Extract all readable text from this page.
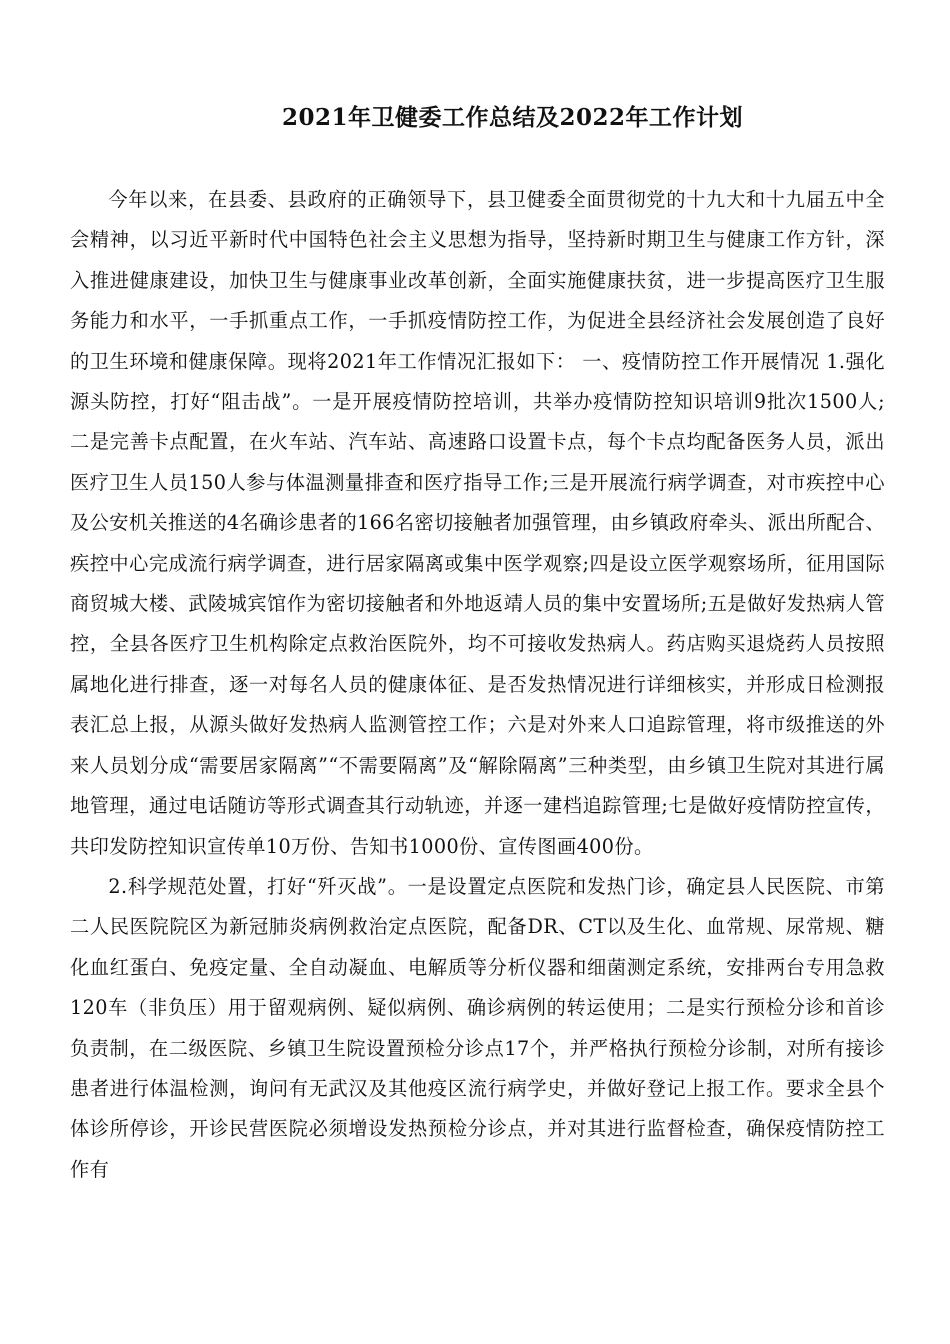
2021年卫健委工作总结及2022年工作计划

今年以来，在县委、县政府的正确领导下，县卫健委全面贯彻党的十九大和十九届五中全会精神，以习近平新时代中国特色社会主义思想为指导，坚持新时期卫生与健康工作方针，深入推进健康建设，加快卫生与健康事业改革创新，全面实施健康扶贫，进一步提高医疗卫生服务能力和水平，一手抓重点工作，一手抓疫情防控工作，为促进全县经济社会发展创造了良好的卫生环境和健康保障。现将2021年工作情况汇报如下： 一、疫情防控工作开展情况 1.强化源头防控，打好“阻击战”。一是开展疫情防控培训，共举办疫情防控知识培训9批次1500人;二是完善卡点配置，在火车站、汽车站、高速路口设置卡点，每个卡点均配备医务人员，派出医疗卫生人员150人参与体温测量排查和医疗指导工作;三是开展流行病学调查，对市疾控中心及公安机关推送的4名确诊患者的166名密切接触者加强管理，由乡镇政府牵头、派出所配合、疾控中心完成流行病学调查，进行居家隔离或集中医学观察;四是设立医学观察场所，征用国际商贸城大楼、武陵城宾馆作为密切接触者和外地返靖人员的集中安置场所;五是做好发热病人管控，全县各医疗卫生机构除定点救治医院外，均不可接收发热病人。药店购买退烧药人员按照属地化进行排查，逐一对每名人员的健康体征、是否发热情况进行详细核实，并形成日检测报表汇总上报，从源头做好发热病人监测管控工作；六是对外来人口追踪管理，将市级推送的外来人员划分成“需要居家隔离”“不需要隔离”及“解除隔离”三种类型，由乡镇卫生院对其进行属地管理，通过电话随访等形式调查其行动轨迹，并逐一建档追踪管理;七是做好疫情防控宣传，共印发防控知识宣传单10万份、告知书1000份、宣传图画400份。

2.科学规范处置，打好“歼灭战”。一是设置定点医院和发热门诊，确定县人民医院、市第二人民医院院区为新冠肺炎病例救治定点医院，配备DR、CT以及生化、血常规、尿常规、糖化血红蛋白、免疫定量、全自动凝血、电解质等分析仪器和细菌测定系统，安排两台专用急救120车（非负压）用于留观病例、疑似病例、确诊病例的转运使用；二是实行预检分诊和首诊负责制，在二级医院、乡镇卫生院设置预检分诊点17个，并严格执行预检分诊制，对所有接诊患者进行体温检测，询问有无武汉及其他疫区流行病学史，并做好登记上报工作。要求全县个体诊所停诊，开诊民营医院必须增设发热预检分诊点，并对其进行监督检查，确保疫情防控工作有
